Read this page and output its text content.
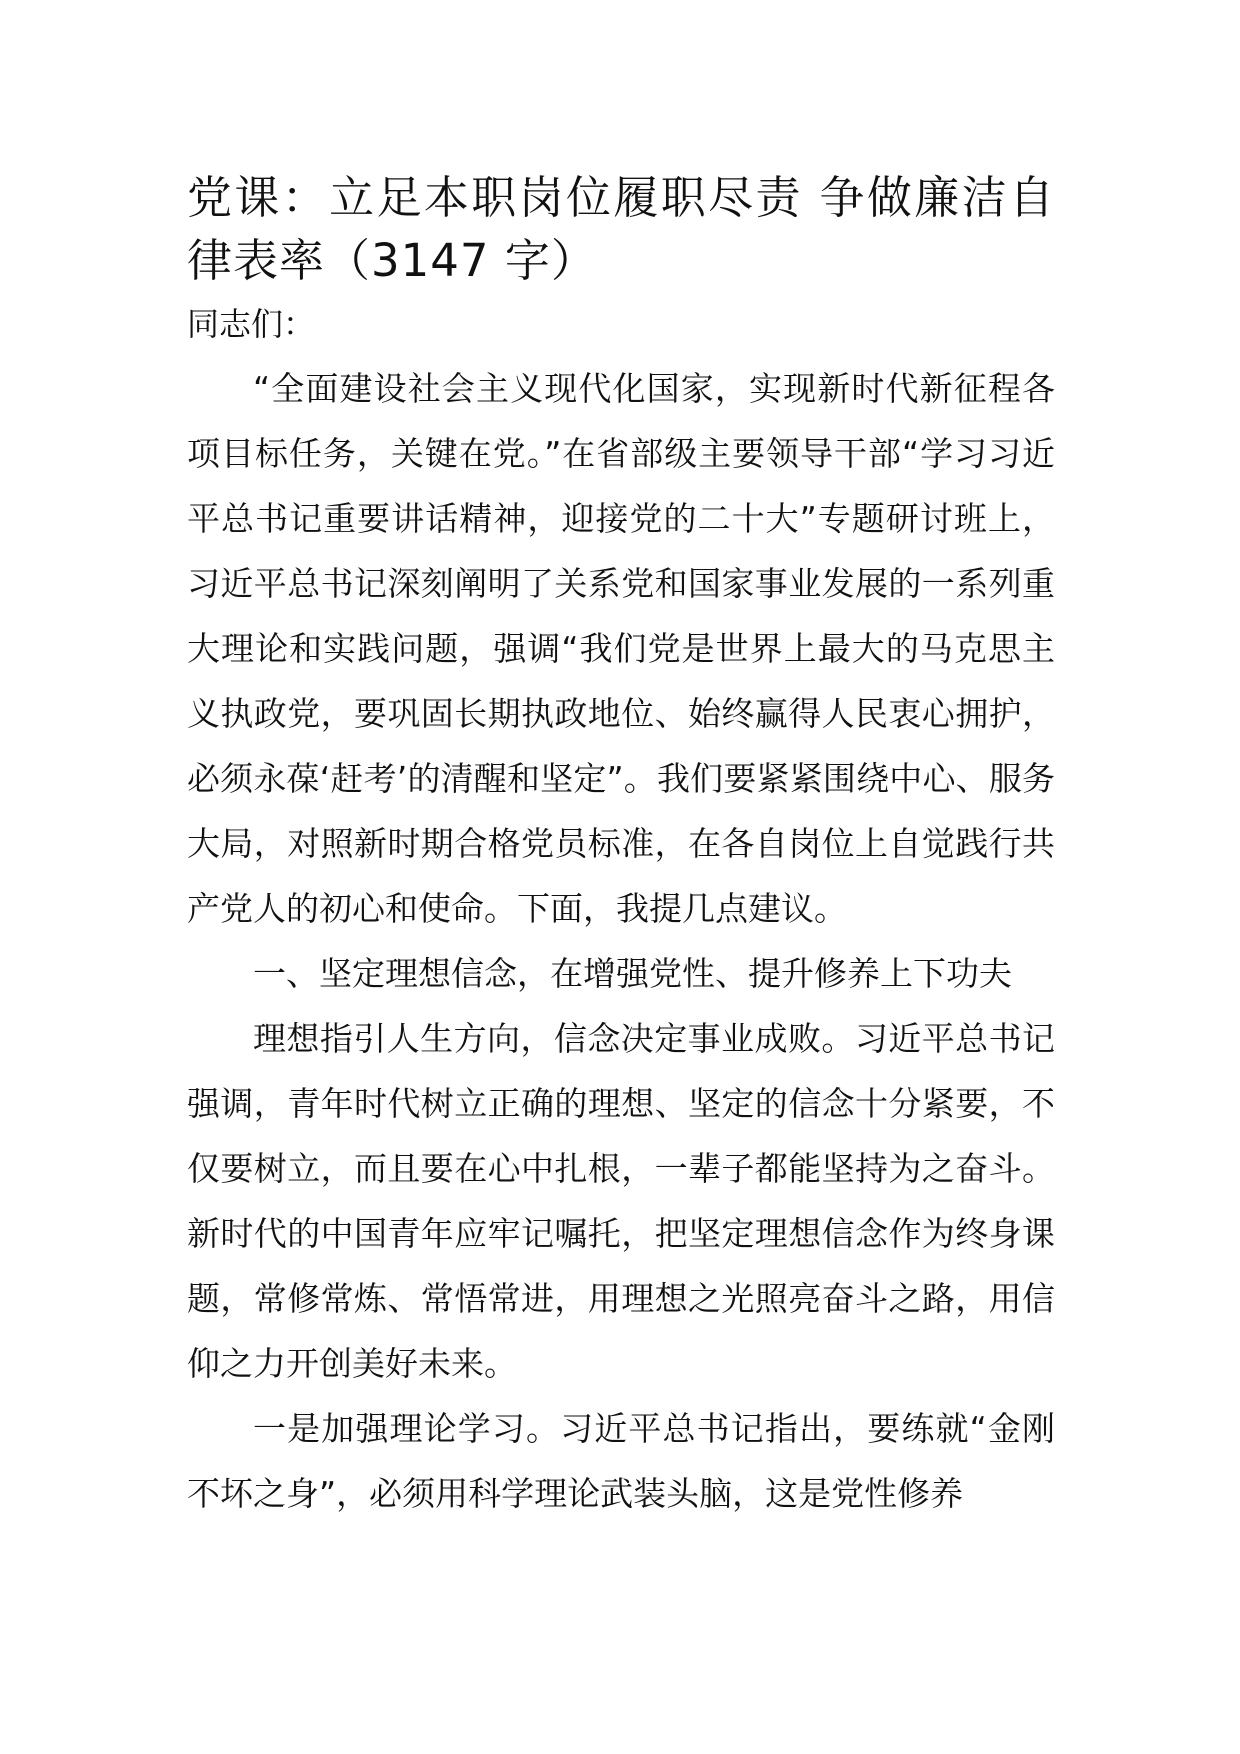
党课：立足本职岗位履职尽责 争做廉洁自律表率（3147 字）

同志们：

“全面建设社会主义现代化国家，实现新时代新征程各项目标任务，关键在党。”在省部级主要领导干部“学习习近平总书记重要讲话精神，迎接党的二十大”专题研讨班上，习近平总书记深刻阐明了关系党和国家事业发展的一系列重大理论和实践问题，强调“我们党是世界上最大的马克思主义执政党，要巩固长期执政地位、始终赢得人民衷心拥护，必须永葆‘赶考’的清醒和坚定”。我们要紧紧围绕中心、服务大局，对照新时期合格党员标准，在各自岗位上自觉践行共产党人的初心和使命。下面，我提几点建议。

一、坚定理想信念，在增强党性、提升修养上下功夫

理想指引人生方向，信念决定事业成败。习近平总书记强调，青年时代树立正确的理想、坚定的信念十分紧要，不仅要树立，而且要在心中扎根，一辈子都能坚持为之奋斗。新时代的中国青年应牢记嘱托，把坚定理想信念作为终身课题，常修常炼、常悟常进，用理想之光照亮奋斗之路，用信仰之力开创美好未来。

一是加强理论学习。习近平总书记指出，要练就“金刚不坏之身”，必须用科学理论武装头脑，这是党性修养
